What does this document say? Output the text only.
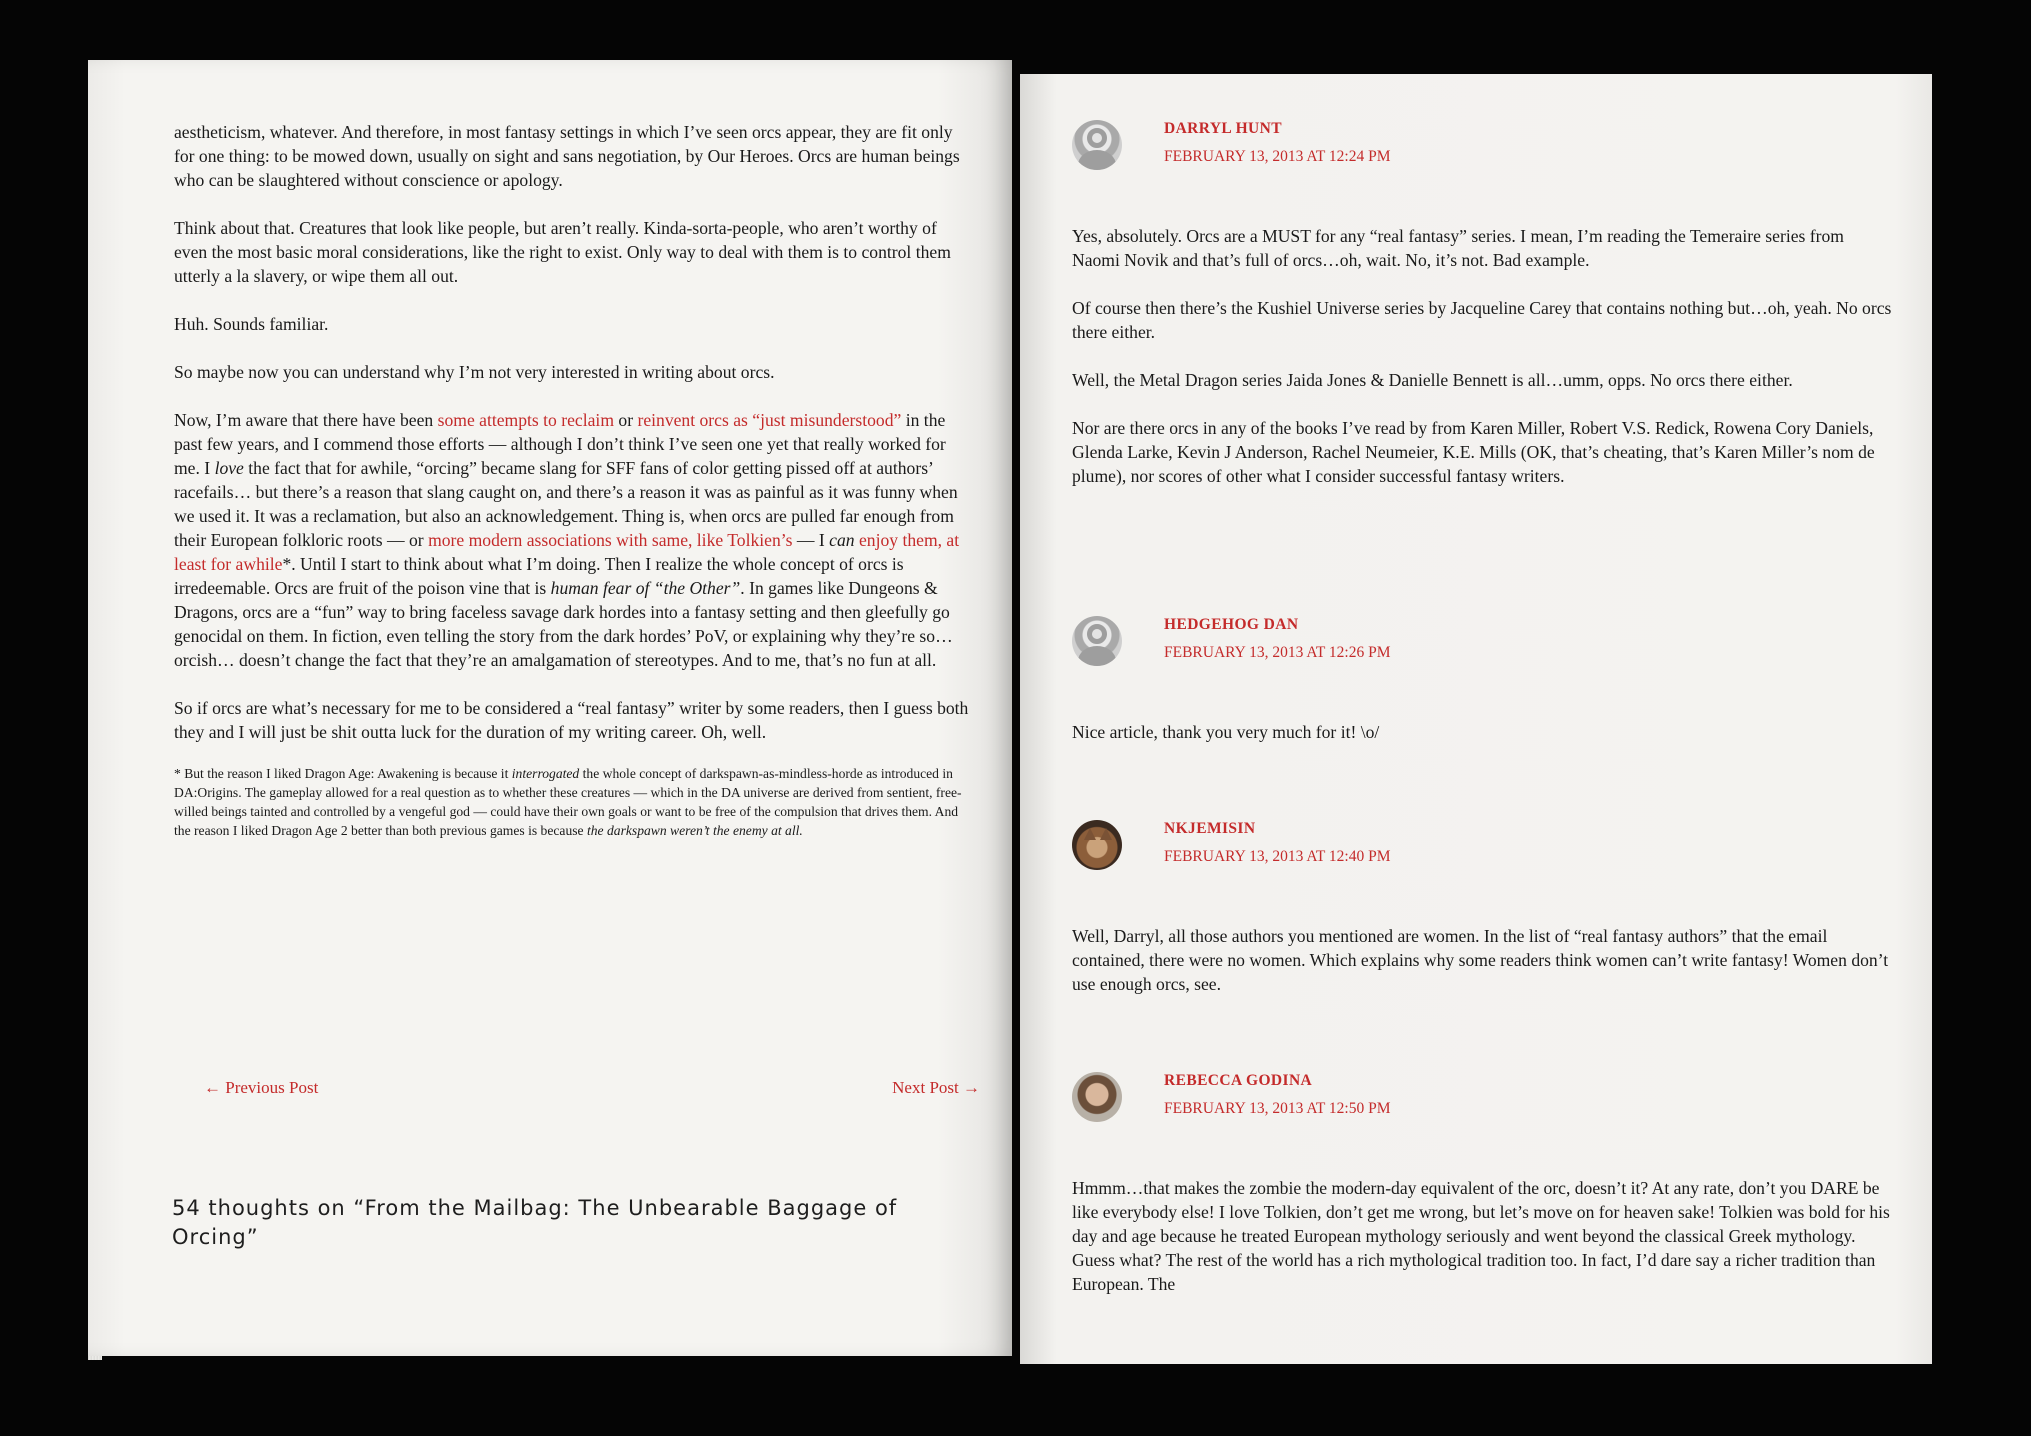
aestheticism, whatever. And therefore, in most fantasy settings in which I’ve seen orcs appear, they are fit only for one thing: to be mowed down, usually on sight and sans negotiation, by Our Heroes. Orcs are human beings who can be slaughtered without conscience or apology.

Think about that. Creatures that look like people, but aren’t really. Kinda-sorta-people, who aren’t worthy of even the most basic moral considerations, like the right to exist. Only way to deal with them is to control them utterly a la slavery, or wipe them all out.

Huh. Sounds familiar.

So maybe now you can understand why I’m not very interested in writing about orcs.

Now, I’m aware that there have been some attempts to reclaim or reinvent orcs as “just misunderstood” in the past few years, and I commend those efforts — although I don’t think I’ve seen one yet that really worked for me. I love the fact that for awhile, “orcing” became slang for SFF fans of color getting pissed off at authors’ racefails… but there’s a reason that slang caught on, and there’s a reason it was as painful as it was funny when we used it. It was a reclamation, but also an acknowledgement. Thing is, when orcs are pulled far enough from their European folkloric roots — or more modern associations with same, like Tolkien’s — I can enjoy them, at least for awhile*. Until I start to think about what I’m doing. Then I realize the whole concept of orcs is irredeemable. Orcs are fruit of the poison vine that is human fear of “the Other”. In games like Dungeons & Dragons, orcs are a “fun” way to bring faceless savage dark hordes into a fantasy setting and then gleefully go genocidal on them. In fiction, even telling the story from the dark hordes’ PoV, or explaining why they’re so… orcish… doesn’t change the fact that they’re an amalgamation of stereotypes. And to me, that’s no fun at all.

So if orcs are what’s necessary for me to be considered a “real fantasy” writer by some readers, then I guess both they and I will just be shit outta luck for the duration of my writing career. Oh, well.

* But the reason I liked Dragon Age: Awakening is because it interrogated the whole concept of darkspawn-as-mindless-horde as introduced in DA:Origins. The gameplay allowed for a real question as to whether these creatures — which in the DA universe are derived from sentient, free-willed beings tainted and controlled by a vengeful god — could have their own goals or want to be free of the compulsion that drives them. And the reason I liked Dragon Age 2 better than both previous games is because the darkspawn weren’t the enemy at all.

← Previous Post	Next Post →
54 thoughts on “From the Mailbag: The Unbearable Baggage of Orcing”
DARRYL HUNT
FEBRUARY 13, 2013 AT 12:24 PM

Yes, absolutely. Orcs are a MUST for any “real fantasy” series. I mean, I’m reading the Temeraire series from Naomi Novik and that’s full of orcs…oh, wait. No, it’s not. Bad example.

Of course then there’s the Kushiel Universe series by Jacqueline Carey that contains nothing but…oh, yeah. No orcs there either.

Well, the Metal Dragon series Jaida Jones & Danielle Bennett is all…umm, opps. No orcs there either.

Nor are there orcs in any of the books I’ve read by from Karen Miller, Robert V.S. Redick, Rowena Cory Daniels, Glenda Larke, Kevin J Anderson, Rachel Neumeier, K.E. Mills (OK, that’s cheating, that’s Karen Miller’s nom de plume), nor scores of other what I consider successful fantasy writers.

HEDGEHOG DAN
FEBRUARY 13, 2013 AT 12:26 PM

Nice article, thank you very much for it! \o/

NKJEMISIN
FEBRUARY 13, 2013 AT 12:40 PM

Well, Darryl, all those authors you mentioned are women. In the list of “real fantasy authors” that the email contained, there were no women. Which explains why some readers think women can’t write fantasy! Women don’t use enough orcs, see.

REBECCA GODINA
FEBRUARY 13, 2013 AT 12:50 PM

Hmmm…that makes the zombie the modern-day equivalent of the orc, doesn’t it? At any rate, don’t you DARE be like everybody else! I love Tolkien, don’t get me wrong, but let’s move on for heaven sake! Tolkien was bold for his day and age because he treated European mythology seriously and went beyond the classical Greek mythology. Guess what? The rest of the world has a rich mythological tradition too. In fact, I’d dare say a richer tradition than European. The
